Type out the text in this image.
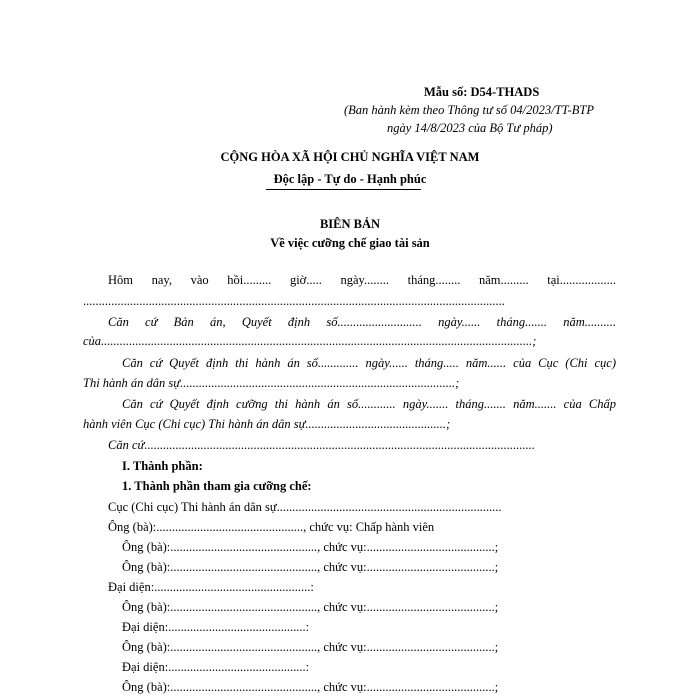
Mẫu số: D54-THADS
(Ban hành kèm theo Thông tư số 04/2023/TT-BTP
ngày 14/8/2023 của Bộ Tư pháp)
CỘNG HÒA XÃ HỘI CHỦ NGHĨA VIỆT NAM
Độc lập - Tự do - Hạnh phúc
BIÊN BẢN
Về việc cưỡng chế giao tài sản
Hôm nay, vào hồi......... giờ..... ngày........ tháng........ năm......... tại..................
.......................................................................................................................................
Căn cứ Bản án, Quyết định số........................... ngày...... tháng....... năm..........
của..........................................................................................................................................;
Căn cứ Quyết định thi hành án số............. ngày...... tháng..... năm...... của Cục (Chi cục)
Thi hành án dân sự........................................................................................;
Căn cứ Quyết định cưỡng thi hành án số............ ngày....... tháng....... năm....... của Chấp
hành viên Cục (Chi cục) Thi hành án dân sự.............................................;
Căn cứ.............................................................................................................................
I. Thành phần:
1. Thành phần tham gia cưỡng chế:
Cục (Chi cục) Thi hành án dân sự........................................................................
Ông (bà):..............................................., chức vụ: Chấp hành viên
Ông (bà):..............................................., chức vụ:.........................................;
Ông (bà):..............................................., chức vụ:.........................................;
Đại diện:..................................................:
Ông (bà):..............................................., chức vụ:.........................................;
Đại diện:............................................:
Ông (bà):..............................................., chức vụ:.........................................;
Đại diện:............................................:
Ông (bà):..............................................., chức vụ:.........................................;
